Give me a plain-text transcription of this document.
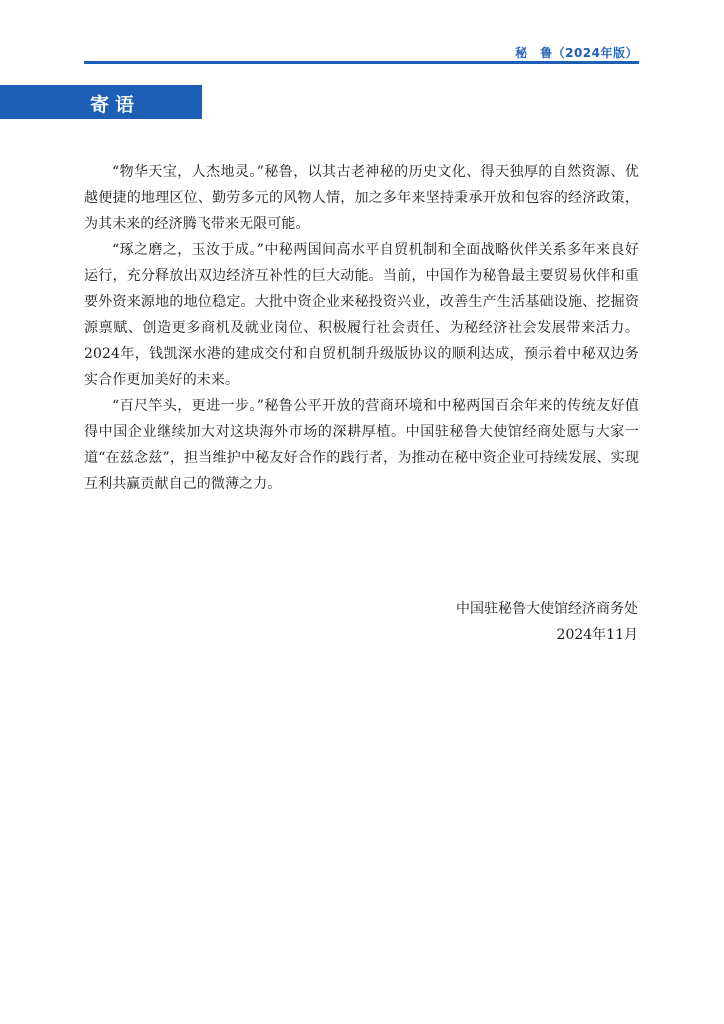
秘　鲁（2024年版）
寄语

“物华天宝，人杰地灵。”秘鲁，以其古老神秘的历史文化、得天独厚的自然资源、优越便捷的地理区位、勤劳多元的风物人情，加之多年来坚持秉承开放和包容的经济政策，为其未来的经济腾飞带来无限可能。

“琢之磨之，玉汝于成。”中秘两国间高水平自贸机制和全面战略伙伴关系多年来良好运行，充分释放出双边经济互补性的巨大动能。当前，中国作为秘鲁最主要贸易伙伴和重要外资来源地的地位稳定。大批中资企业来秘投资兴业，改善生产生活基础设施、挖掘资源禀赋、创造更多商机及就业岗位、积极履行社会责任、为秘经济社会发展带来活力。2024年，钱凯深水港的建成交付和自贸机制升级版协议的顺利达成，预示着中秘双边务实合作更加美好的未来。

“百尺竿头，更进一步。”秘鲁公平开放的营商环境和中秘两国百余年来的传统友好值得中国企业继续加大对这块海外市场的深耕厚植。中国驻秘鲁大使馆经商处愿与大家一道“在兹念兹”，担当维护中秘友好合作的践行者，为推动在秘中资企业可持续发展、实现互利共赢贡献自己的微薄之力。

中国驻秘鲁大使馆经济商务处
2024年11月
